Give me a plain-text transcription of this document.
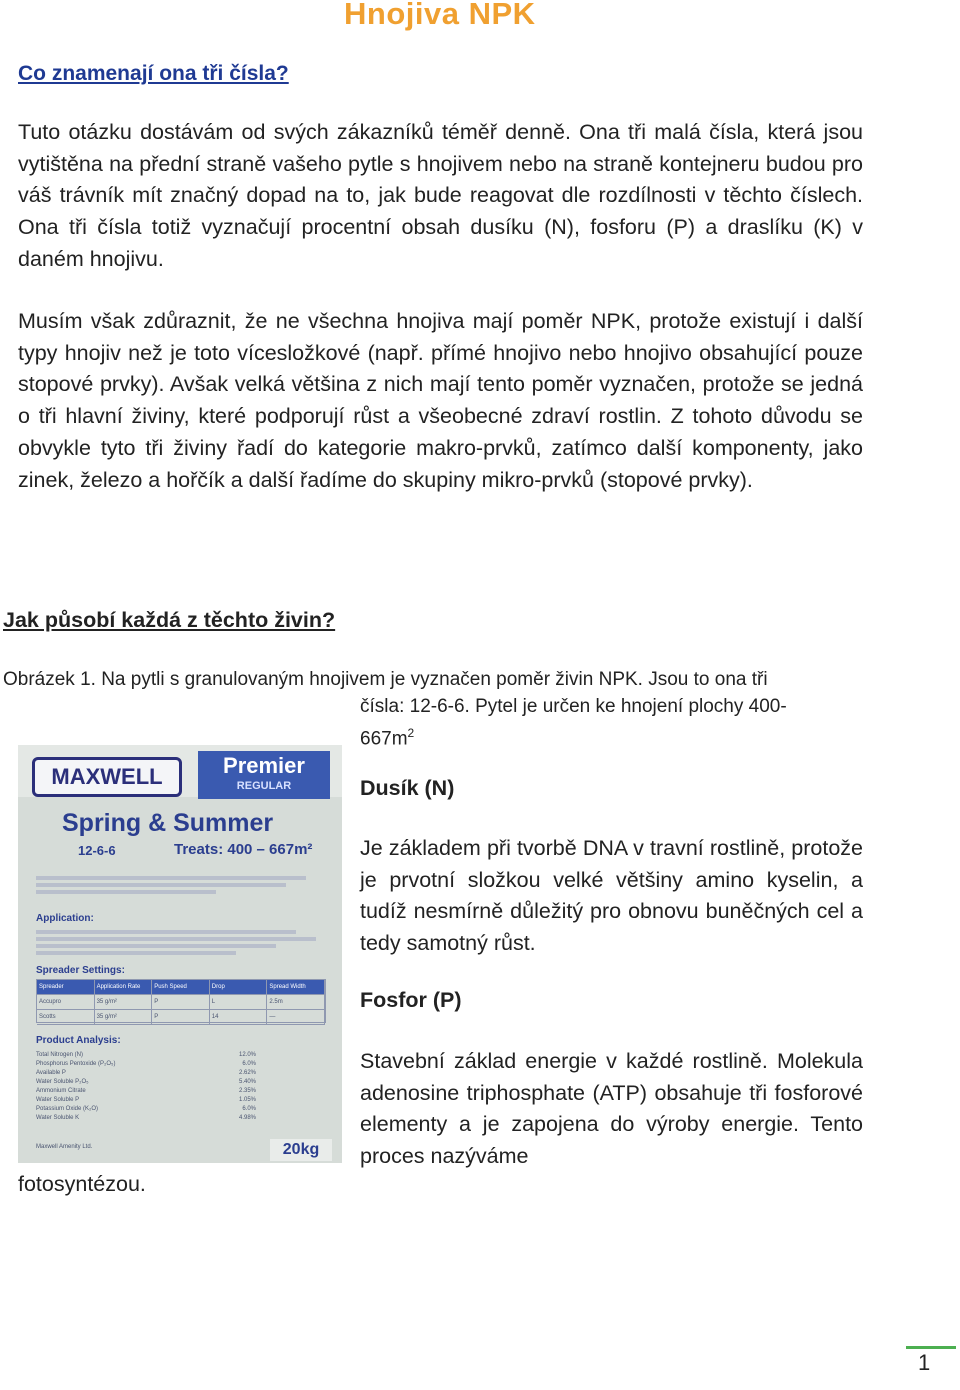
Hnojiva NPK
Co znamenají ona tři čísla?
Tuto otázku dostávám od svých zákazníků téměř denně. Ona tři malá čísla, která jsou vytištěna na přední straně vašeho pytle s hnojivem nebo na straně kontejneru budou pro váš trávník mít značný dopad na to, jak bude reagovat dle rozdílnosti v těchto číslech. Ona tři čísla totiž vyznačují procentní obsah dusíku (N), fosforu (P) a draslíku (K) v daném hnojivu.
Musím však zdůraznit, že ne všechna hnojiva mají poměr NPK, protože existují i další typy hnojiv než je toto vícesložkové (např. přímé hnojivo nebo hnojivo obsahující pouze stopové prvky). Avšak velká většina z nich mají tento poměr vyznačen, protože se jedná o tři hlavní živiny, které podporují růst a všeobecné zdraví rostlin. Z tohoto důvodu se obvykle tyto tři živiny řadí do kategorie makro-prvků, zatímco další komponenty, jako zinek, železo a hořčík a další řadíme do skupiny mikro-prvků (stopové prvky).
Jak působí každá z těchto živin?
Obrázek 1. Na pytli s granulovaným hnojivem je vyznačen poměr živin NPK. Jsou to ona tři
čísla: 12-6-6. Pytel je určen ke hnojení plochy 400-
$667m^2$
MAXWELL	Premier
REGULAR
Spring & Summer
12-6-6	Treats: 400 – 667m²
Application:
Spreader Settings:
Spreader	Application Rate	Push Speed	Drop	Spread Width
Accupro	35 g/m²	P	L	2.5m
Scotts	35 g/m²	P	14	—
Product Analysis:
Total Nitrogen (N)	12.0%
Phosphorus Pentoxide (P₂O₅)	6.0%
Available P	2.62%
Water Soluble P₂O₅	5.40%
Ammonium Citrate	2.35%
Water Soluble P	1.05%
Potassium Oxide (K₂O)	6.0%
Water Soluble K	4.98%
Maxwell Amenity Ltd.	20kg
Dusík (N)
Je základem při tvorbě DNA v travní rostlině, protože je prvotní složkou velké většiny amino kyselin, a tudíž nesmírně důležitý pro obnovu buněčných cel a tedy samotný růst.
Fosfor (P)
Stavební základ energie v každé rostlině. Molekula adenosine triphosphate (ATP) obsahuje tři fosforové elementy a je zapojena do výroby energie. Tento proces nazýváme
fotosyntézou.
1
